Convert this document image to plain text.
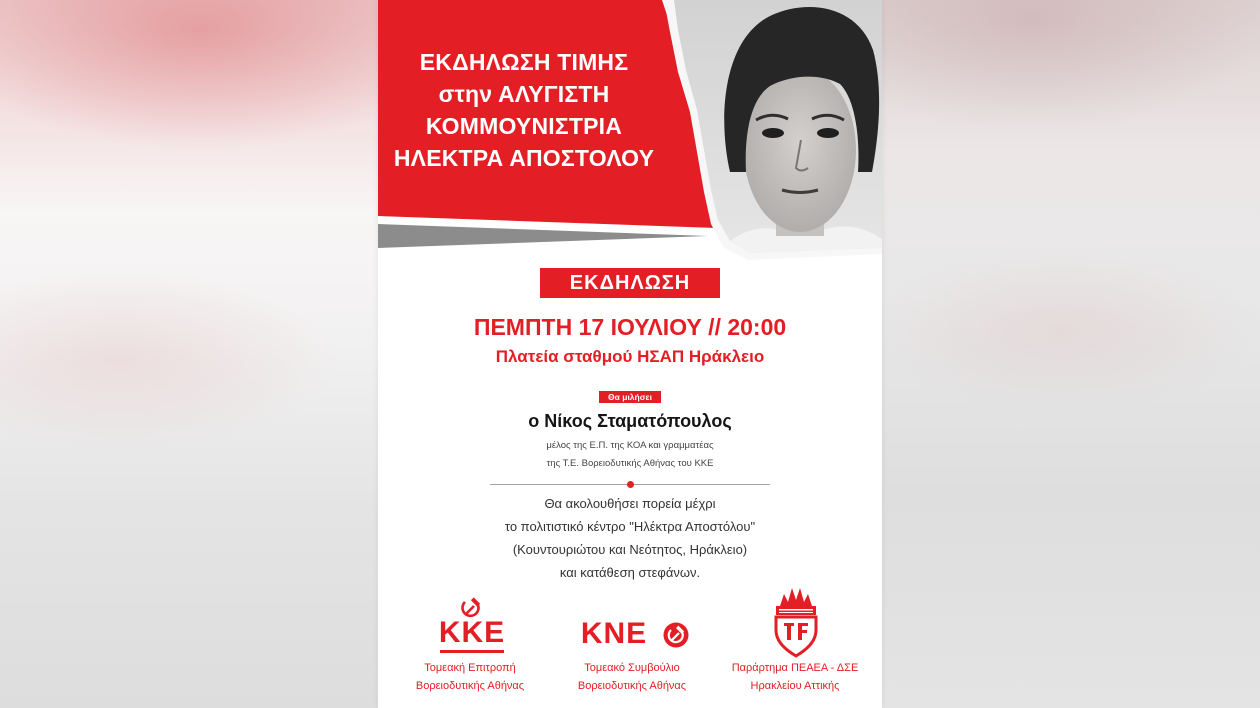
ΕΚΔΗΛΩΣΗ ΤΙΜΗΣ
στην ΑΛΥΓΙΣΤΗ
ΚΟΜΜΟΥΝΙΣΤΡΙΑ
ΗΛΕΚΤΡΑ ΑΠΟΣΤΟΛΟΥ
ΕΚΔΗΛΩΣΗ
ΠΕΜΠΤΗ 17 ΙΟΥΛΙΟΥ // 20:00
Πλατεία σταθμού ΗΣΑΠ Ηράκλειο
Θα μιλήσει
ο Νίκος Σταματόπουλος
μέλος της Ε.Π. της ΚΟΑ και γραμματέας
της Τ.Ε. Βορειοδυτικής Αθήνας του ΚΚΕ
Θα ακολουθήσει πορεία μέχρι
το πολιτιστικό κέντρο "Ηλέκτρα Αποστόλου"
(Κουντουριώτου και Νεότητος, Ηράκλειο)
και κατάθεση στεφάνων.
ΚΚΕ
Τομεακή Επιτροπή
Βορειοδυτικής Αθήνας
ΚΝΕ
Τομεακό Συμβούλιο
Βορειοδυτικής Αθήνας
Παράρτημα ΠΕΑΕΑ - ΔΣΕ
Ηρακλείου Αττικής
